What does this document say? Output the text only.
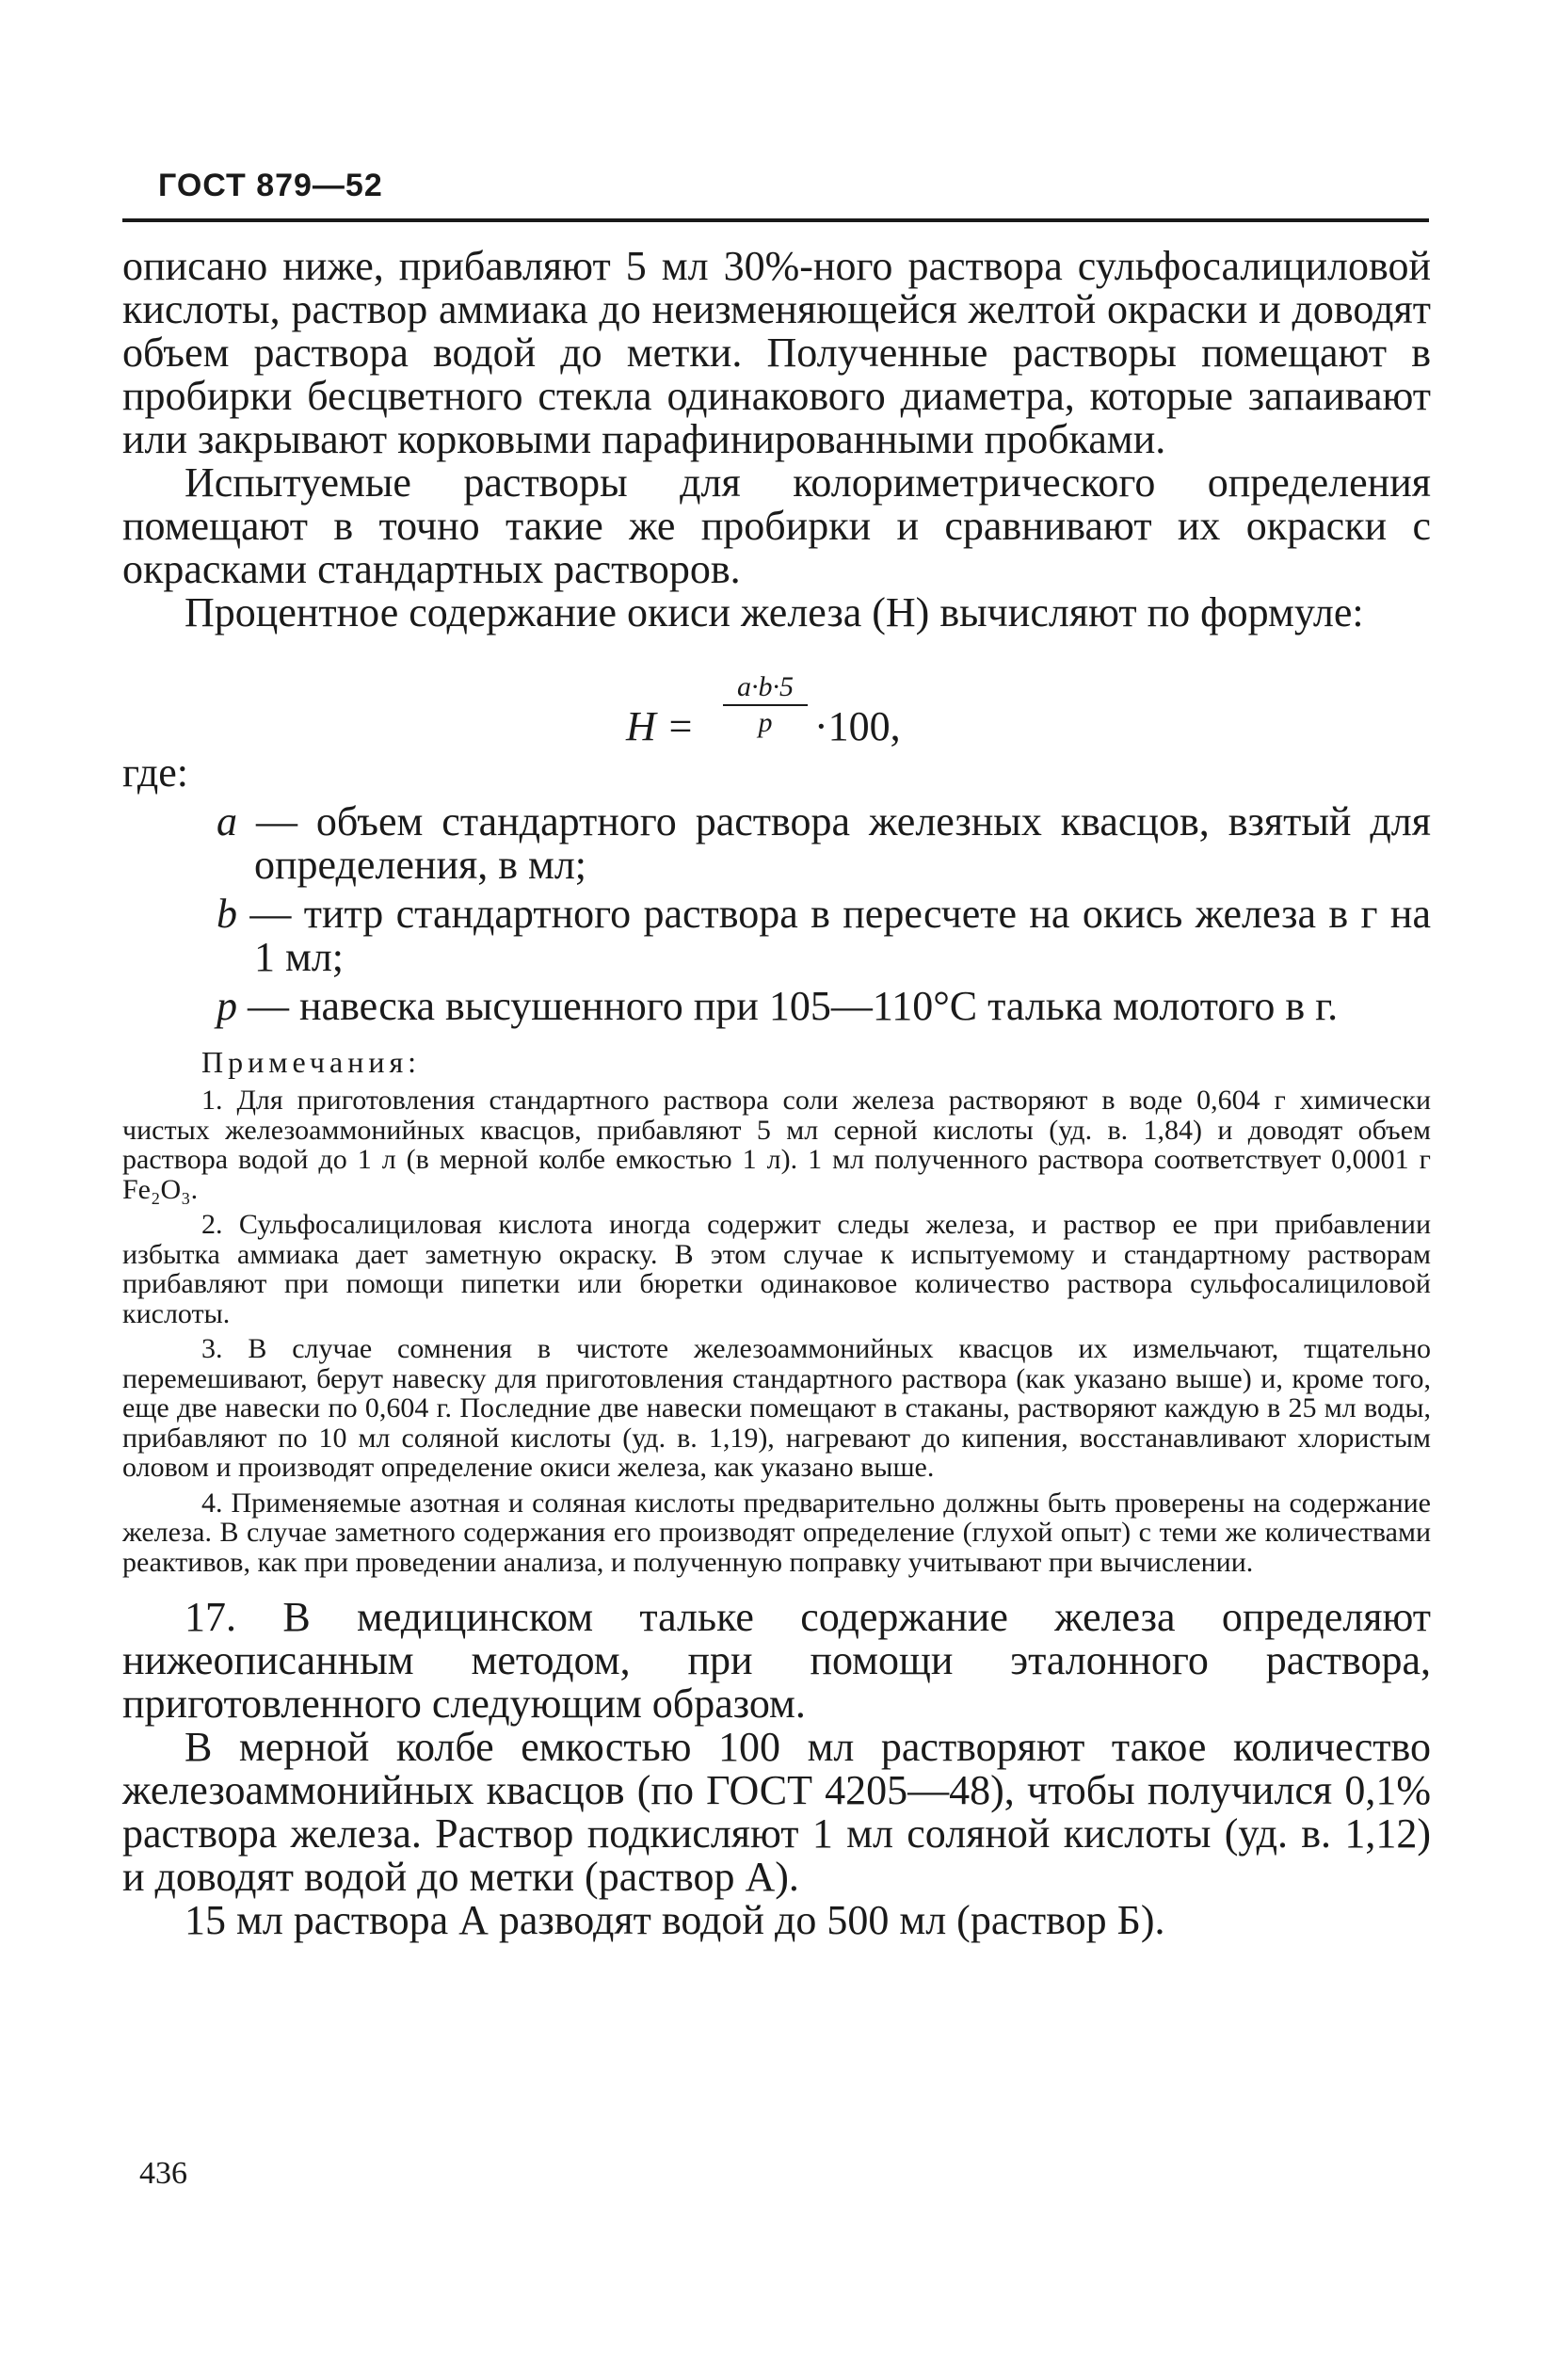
ГОСТ 879—52

описано ниже, прибавляют 5 мл 30%-ного раствора сульфосалициловой кислоты, раствор аммиака до неизменяющейся желтой окраски и доводят объем раствора водой до метки. Полученные растворы помещают в пробирки бесцветного стекла одинакового диаметра, которые запаивают или закрывают корковыми парафинированными пробками.

Испытуемые растворы для колориметрического определения помещают в точно такие же пробирки и сравнивают их окраски с окрасками стандартных растворов.

Процентное содержание окиси железа (Н) вычисляют по формуле:

Н =
a·b·5
p	·100,

где:

a — объем стандартного раствора железных квасцов, взятый для определения, в мл;

b — титр стандартного раствора в пересчете на окись железа в г на 1 мл;

p — навеска высушенного при 105—110°С талька молотого в г.

Примечания:

1. Для приготовления стандартного раствора соли железа растворяют в воде 0,604 г химически чистых железоаммонийных квасцов, прибавляют 5 мл серной кислоты (уд. в. 1,84) и доводят объем раствора водой до 1 л (в мерной колбе емкостью 1 л). 1 мл полученного раствора соответствует 0,0001 г Fe₂O₃.

2. Сульфосалициловая кислота иногда содержит следы железа, и раствор ее при прибавлении избытка аммиака дает заметную окраску. В этом случае к испытуемому и стандартному растворам прибавляют при помощи пипетки или бюретки одинаковое количество раствора сульфосалициловой кислоты.

3. В случае сомнения в чистоте железоаммонийных квасцов их измельчают, тщательно перемешивают, берут навеску для приготовления стандартного раствора (как указано выше) и, кроме того, еще две навески по 0,604 г. Последние две навески помещают в стаканы, растворяют каждую в 25 мл воды, прибавляют по 10 мл соляной кислоты (уд. в. 1,19), нагревают до кипения, восстанавливают хлористым оловом и производят определение окиси железа, как указано выше.

4. Применяемые азотная и соляная кислоты предварительно должны быть проверены на содержание железа. В случае заметного содержания его производят определение (глухой опыт) с теми же количествами реактивов, как при проведении анализа, и полученную поправку учитывают при вычислении.

17. В медицинском тальке содержание железа определяют нижеописанным методом, при помощи эталонного раствора, приготовленного следующим образом.

В мерной колбе емкостью 100 мл растворяют такое количество железоаммонийных квасцов (по ГОСТ 4205—48), чтобы получился 0,1% раствора железа. Раствор подкисляют 1 мл соляной кислоты (уд. в. 1,12) и доводят водой до метки (раствор А).

15 мл раствора А разводят водой до 500 мл (раствор Б).

436
